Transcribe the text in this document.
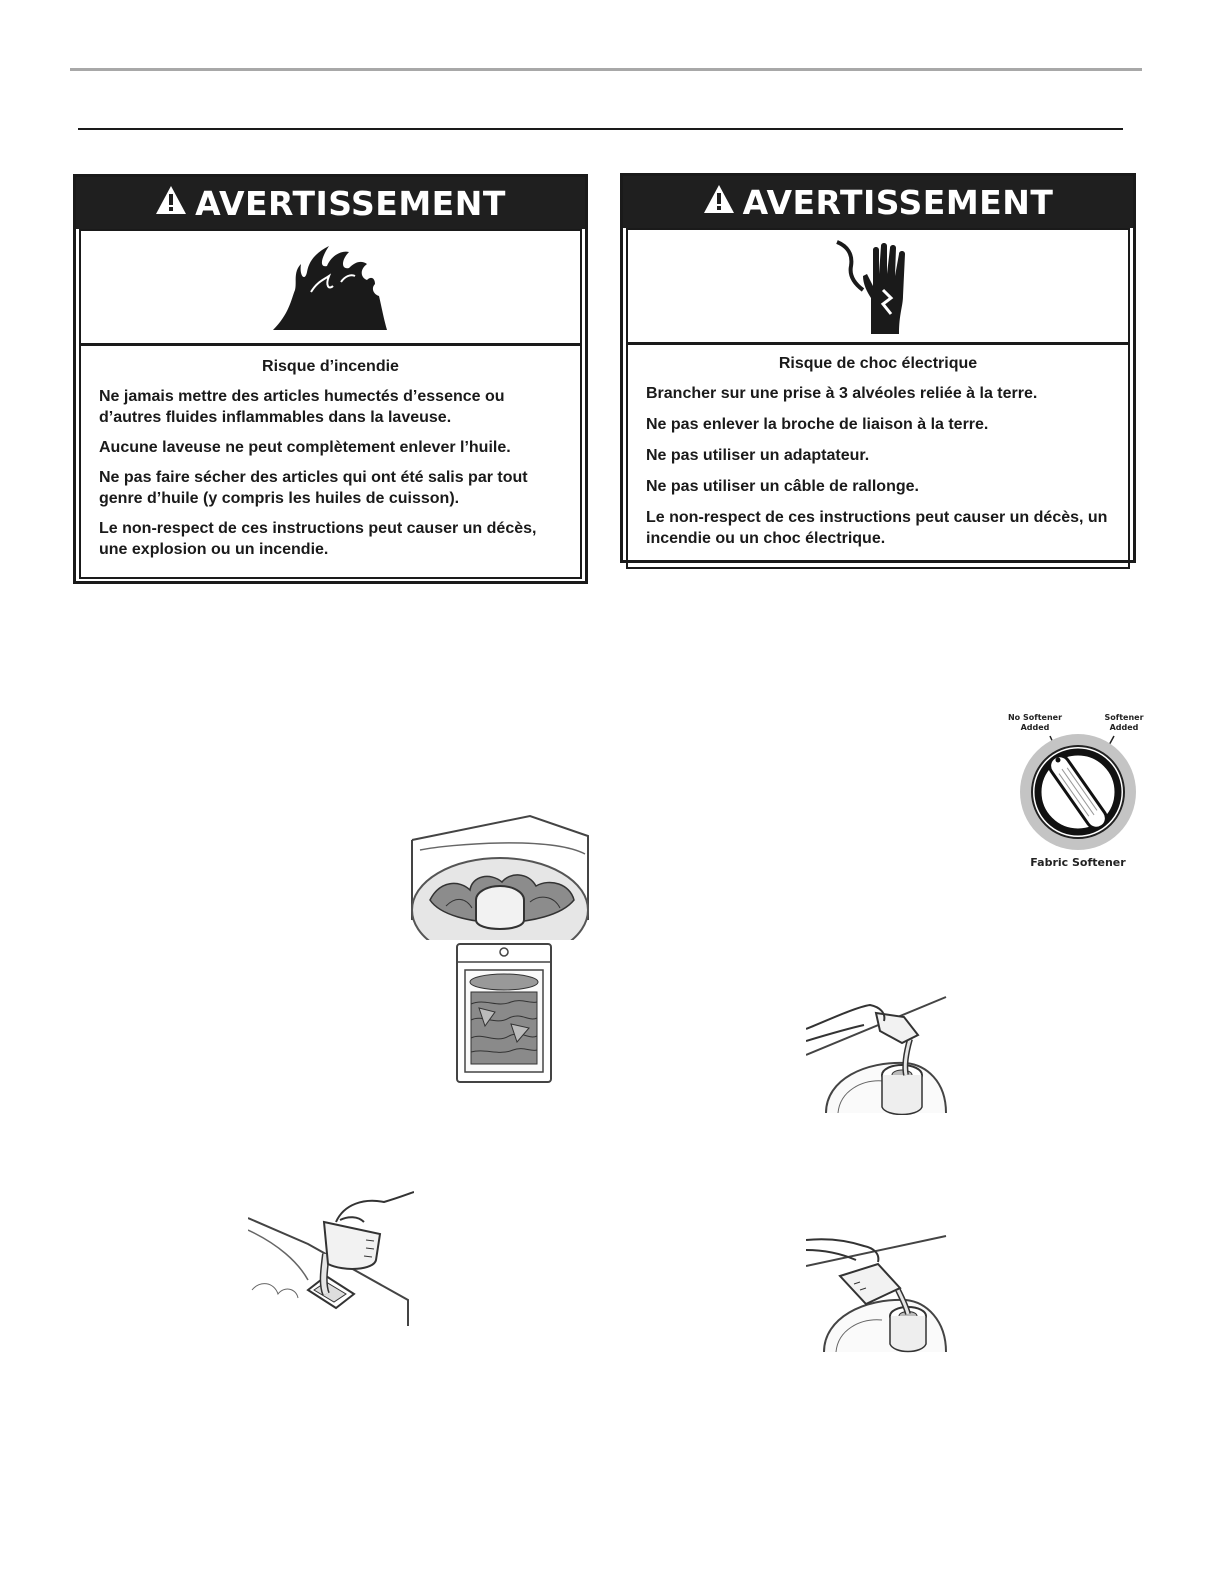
AVERTISSEMENT
Risque d’incendie

Ne jamais mettre des articles humectés d’essence ou d’autres fluides inflammables dans la laveuse.

Aucune laveuse ne peut complètement enlever l’huile.

Ne pas faire sécher des articles qui ont été salis par tout genre d’huile (y compris les huiles de cuisson).

Le non-respect de ces instructions peut causer un décès, une explosion ou un incendie.

AVERTISSEMENT
Risque de choc électrique

Brancher sur une prise à 3 alvéoles reliée à la terre.

Ne pas enlever la broche de liaison à la terre.

Ne pas utiliser un adaptateur.

Ne pas utiliser un câble de rallonge.

Le non-respect de ces instructions peut causer un décès, un incendie ou un choc électrique.

No Softener
Added
Softener
Added
Fabric Softener
